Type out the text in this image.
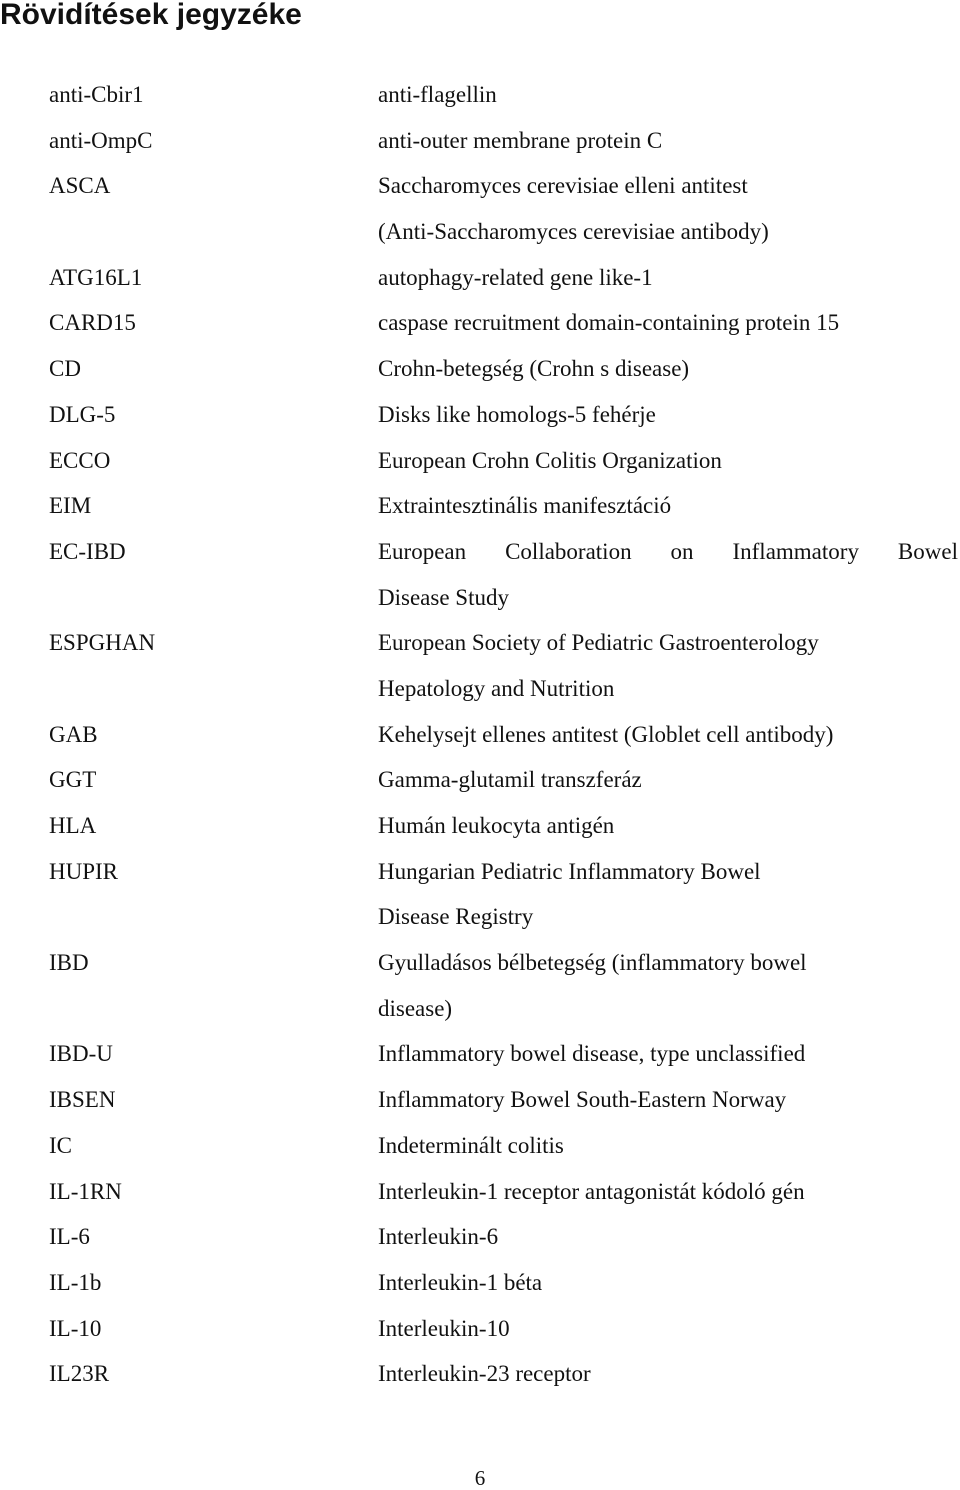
Rövidítések jegyzéke
anti-Cbir1	anti-flagellin
anti-OmpC	anti-outer membrane protein C
ASCA	Saccharomyces cerevisiae elleni antitest
(Anti-Saccharomyces cerevisiae antibody)
ATG16L1	autophagy-related gene like-1
CARD15	caspase recruitment domain-containing protein 15
CD	Crohn-betegség (Crohn s disease)
DLG-5	Disks like homologs-5 fehérje
ECCO	European Crohn Colitis Organization
EIM	Extraintesztinális manifesztáció
EC-IBD	European Collaboration on Inflammatory Bowel
Disease Study
ESPGHAN	European Society of Pediatric Gastroenterology
Hepatology and Nutrition
GAB	Kehelysejt ellenes antitest (Globlet cell antibody)
GGT	Gamma-glutamil transzferáz
HLA	Humán leukocyta antigén
HUPIR	Hungarian Pediatric Inflammatory Bowel
Disease Registry
IBD	Gyulladásos bélbetegség (inflammatory bowel
disease)
IBD-U	Inflammatory bowel disease, type unclassified
IBSEN	Inflammatory Bowel South-Eastern Norway
IC	Indeterminált colitis
IL-1RN	Interleukin-1 receptor antagonistát kódoló gén
IL-6	Interleukin-6
IL-1b	Interleukin-1 béta
IL-10	Interleukin-10
IL23R	Interleukin-23 receptor
6
